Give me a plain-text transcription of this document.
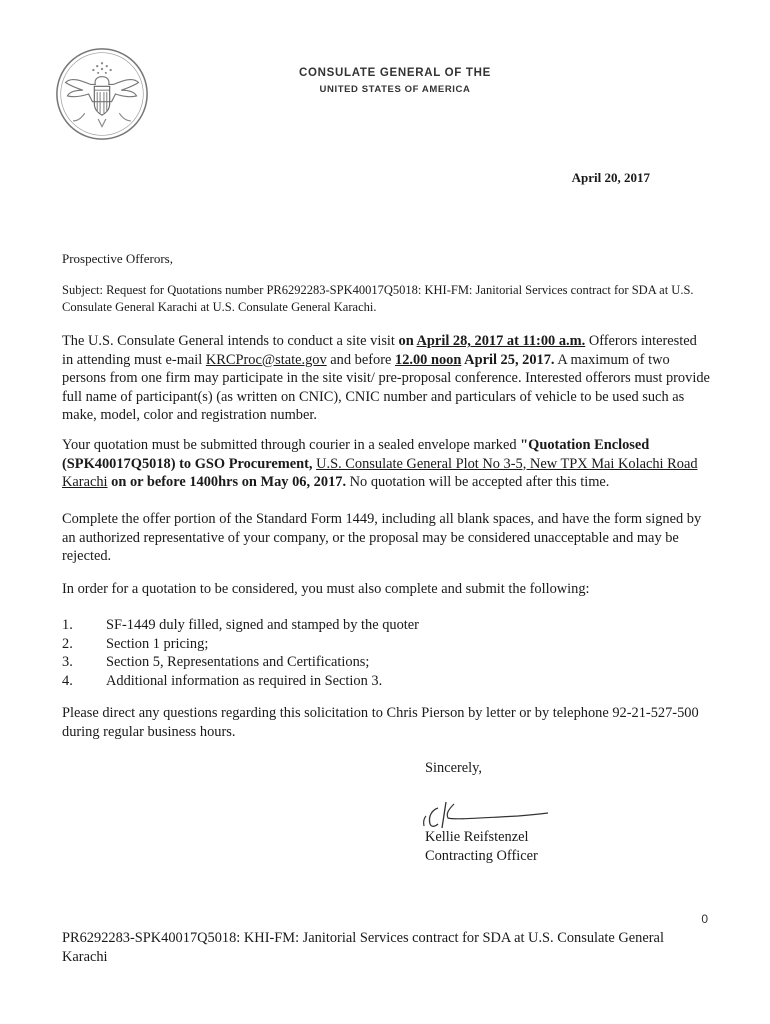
CONSULATE GENERAL OF THE
UNITED STATES OF AMERICA
April 20, 2017
Prospective Offerors,
Subject: Request for Quotations number PR6292283-SPK40017Q5018: KHI-FM: Janitorial Services contract for SDA at U.S. Consulate General Karachi at U.S. Consulate General Karachi.
The U.S. Consulate General intends to conduct a site visit on April 28, 2017 at 11:00 a.m. Offerors interested in attending must e-mail KRCProc@state.gov and before 12.00 noon April 25, 2017. A maximum of two persons from one firm may participate in the site visit/ pre-proposal conference. Interested offerors must provide full name of participant(s) (as written on CNIC), CNIC number and particulars of vehicle to be used such as make, model, color and registration number.
Your quotation must be submitted through courier in a sealed envelope marked "Quotation Enclosed (SPK40017Q5018) to GSO Procurement, U.S. Consulate General Plot No 3-5, New TPX Mai Kolachi Road Karachi on or before 1400hrs on May 06, 2017. No quotation will be accepted after this time.
Complete the offer portion of the Standard Form 1449, including all blank spaces, and have the form signed by an authorized representative of your company, or the proposal may be considered unacceptable and may be rejected.
In order for a quotation to be considered, you must also complete and submit the following:
1.	SF-1449 duly filled, signed and stamped by the quoter
2.	Section 1 pricing;
3.	Section 5, Representations and Certifications;
4.	Additional information as required in Section 3.
Please direct any questions regarding this solicitation to Chris Pierson by letter or by telephone 92-21-527-500 during regular business hours.
Sincerely,
Kellie Reifstenzel
Contracting Officer
0
PR6292283-SPK40017Q5018: KHI-FM: Janitorial Services contract for SDA at U.S. Consulate General Karachi
